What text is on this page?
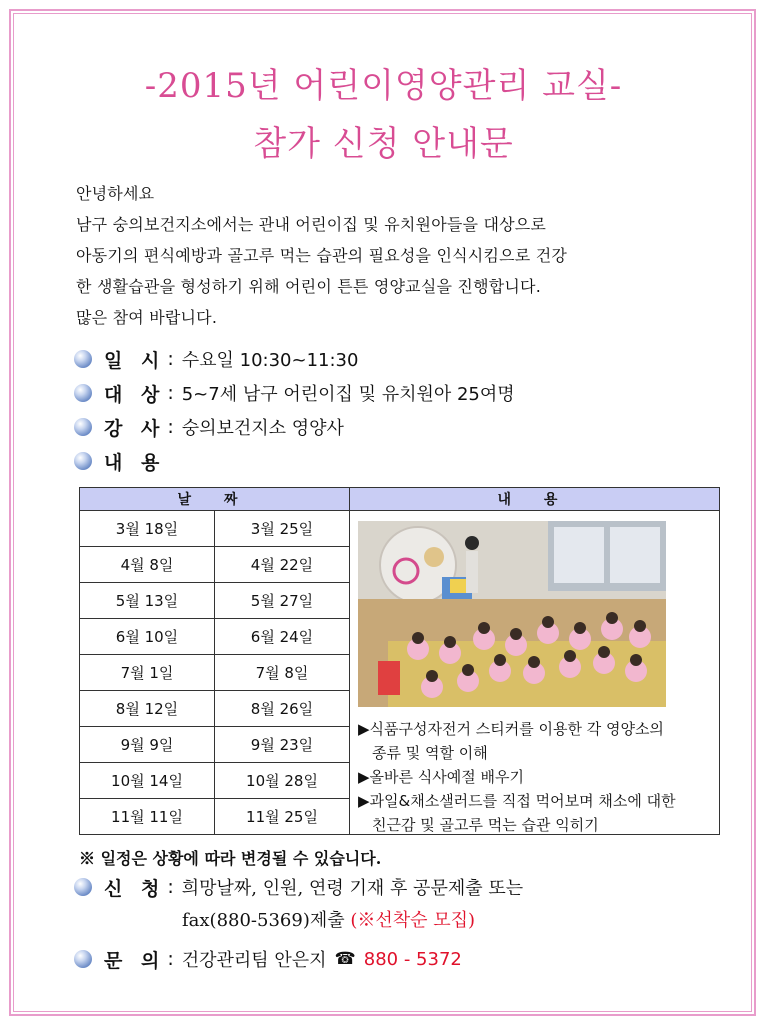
-2015년 어린이영양관리 교실-
참가 신청 안내문
안녕하세요
남구 숭의보건지소에서는 관내 어린이집 및 유치원아들을 대상으로
아동기의 편식예방과 골고루 먹는 습관의 필요성을 인식시킴으로 건강
한 생활습관을 형성하기 위해 어린이 튼튼 영양교실을 진행합니다.
많은 참여 바랍니다.
일 시 : 수요일 10:30~11:30
대 상 : 5~7세 남구 어린이집 및 유치원아 25여명
강 사 : 숭의보건지소 영양사
내 용
날 짜		내 용
3월 18일	3월 25일	▶식품구성자전거 스티커를 이용한 각 영양소의
종류 및 역할 이해
▶올바른 식사예절 배우기
▶과일&채소샐러드를 직접 먹어보며 채소에 대한
친근감 및 골고루 먹는 습관 익히기

4월 8일	4월 22일	
5월 13일	5월 27일	
6월 10일	6월 24일	
7월 1일	7월 8일	
8월 12일	8월 26일	
9월 9일	9월 23일	
10월 14일	10월 28일	
11월 11일	11월 25일	
※ 일정은 상황에 따라 변경될 수 있습니다.
신 청 : 희망날짜, 인원, 연령 기재 후 공문제출 또는
fax(880-5369)제출 (※선착순 모집)
문 의 : 건강관리팀 안은지 ☎ 880 - 5372
